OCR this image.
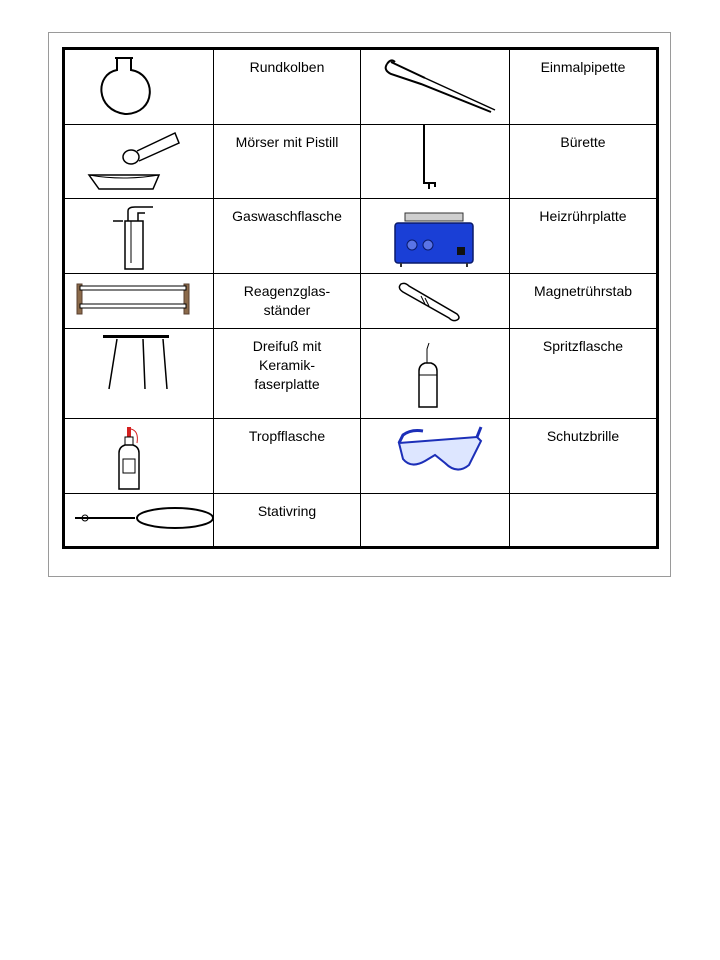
Rundkolben		Einmalpipette

Mörser mit Pistill		Bürette

Gaswaschflasche		Heizrührplatte

Reagenzglas-
ständer		Magnetrührstab

Dreifuß mit
Keramik-
faserplatte		Spritzflasche

Tropfflasche		Schutzbrille

Stativring		
